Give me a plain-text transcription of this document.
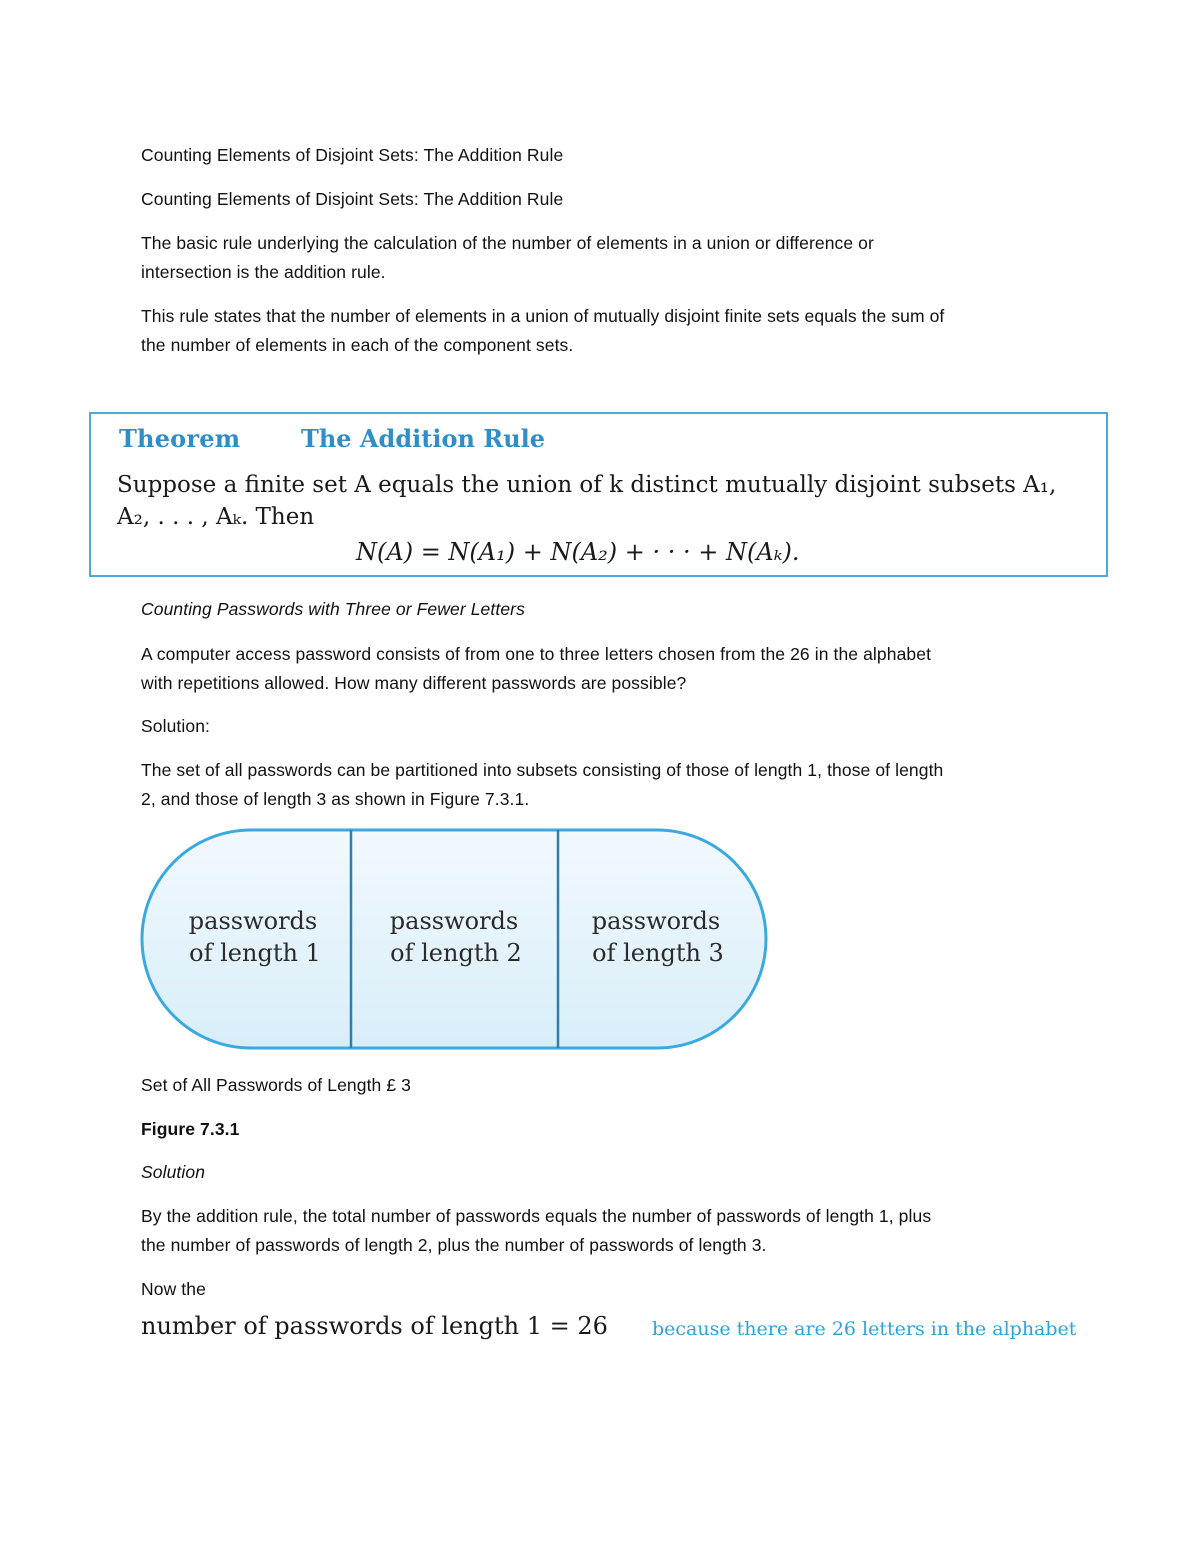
Counting Elements of Disjoint Sets: The Addition Rule
Counting Elements of Disjoint Sets: The Addition Rule
The basic rule underlying the calculation of the number of elements in a union or difference or
intersection is the addition rule.
This rule states that the number of elements in a union of mutually disjoint finite sets equals the sum of
the number of elements in each of the component sets.
Theorem	The Addition Rule
Suppose a finite set A equals the union of k distinct mutually disjoint subsets A₁,
A₂, . . . , Aₖ. Then
N(A) = N(A₁) + N(A₂) + · · · + N(Aₖ).
Counting Passwords with Three or Fewer Letters
A computer access password consists of from one to three letters chosen from the 26 in the alphabet
with repetitions allowed. How many different passwords are possible?
Solution:
The set of all passwords can be partitioned into subsets consisting of those of length 1, those of length
2, and those of length 3 as shown in Figure 7.3.1.
passwords
of length 1
passwords
of length 2
passwords
of length 3
Set of All Passwords of Length £ 3
Figure 7.3.1
Solution
By the addition rule, the total number of passwords equals the number of passwords of length 1, plus
the number of passwords of length 2, plus the number of passwords of length 3.
Now the
number of passwords of length 1 = 26 because there are 26 letters in the alphabet
